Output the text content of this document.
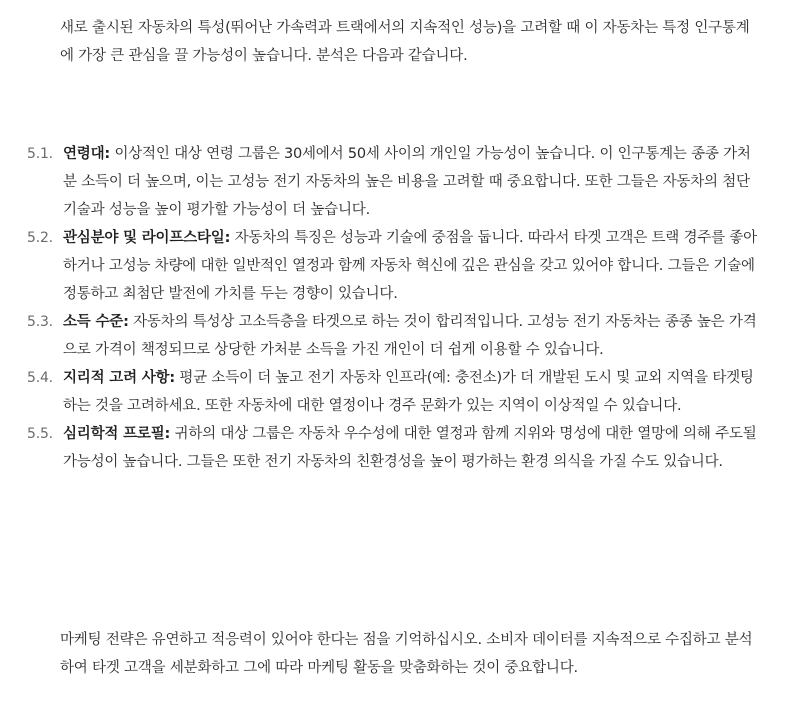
새로 출시된 자동차의 특성(뛰어난 가속력과 트랙에서의 지속적인 성능)을 고려할 때 이 자동차는 특정 인구통계에 가장 큰 관심을 끌 가능성이 높습니다. 분석은 다음과 같습니다.

5.1. 연령대: 이상적인 대상 연령 그룹은 30세에서 50세 사이의 개인일 가능성이 높습니다. 이 인구통계는 종종 가처분 소득이 더 높으며, 이는 고성능 전기 자동차의 높은 비용을 고려할 때 중요합니다. 또한 그들은 자동차의 첨단 기술과 성능을 높이 평가할 가능성이 더 높습니다.
5.2. 관심분야 및 라이프스타일: 자동차의 특징은 성능과 기술에 중점을 둡니다. 따라서 타겟 고객은 트랙 경주를 좋아하거나 고성능 차량에 대한 일반적인 열정과 함께 자동차 혁신에 깊은 관심을 갖고 있어야 합니다. 그들은 기술에 정통하고 최첨단 발전에 가치를 두는 경향이 있습니다.
5.3. 소득 수준: 자동차의 특성상 고소득층을 타겟으로 하는 것이 합리적입니다. 고성능 전기 자동차는 종종 높은 가격으로 가격이 책정되므로 상당한 가처분 소득을 가진 개인이 더 쉽게 이용할 수 있습니다.
5.4. 지리적 고려 사항: 평균 소득이 더 높고 전기 자동차 인프라(예: 충전소)가 더 개발된 도시 및 교외 지역을 타겟팅하는 것을 고려하세요. 또한 자동차에 대한 열정이나 경주 문화가 있는 지역이 이상적일 수 있습니다.
5.5. 심리학적 프로필: 귀하의 대상 그룹은 자동차 우수성에 대한 열정과 함께 지위와 명성에 대한 열망에 의해 주도될 가능성이 높습니다. 그들은 또한 전기 자동차의 친환경성을 높이 평가하는 환경 의식을 가질 수도 있습니다.

마케팅 전략은 유연하고 적응력이 있어야 한다는 점을 기억하십시오. 소비자 데이터를 지속적으로 수집하고 분석하여 타겟 고객을 세분화하고 그에 따라 마케팅 활동을 맞춤화하는 것이 중요합니다.
